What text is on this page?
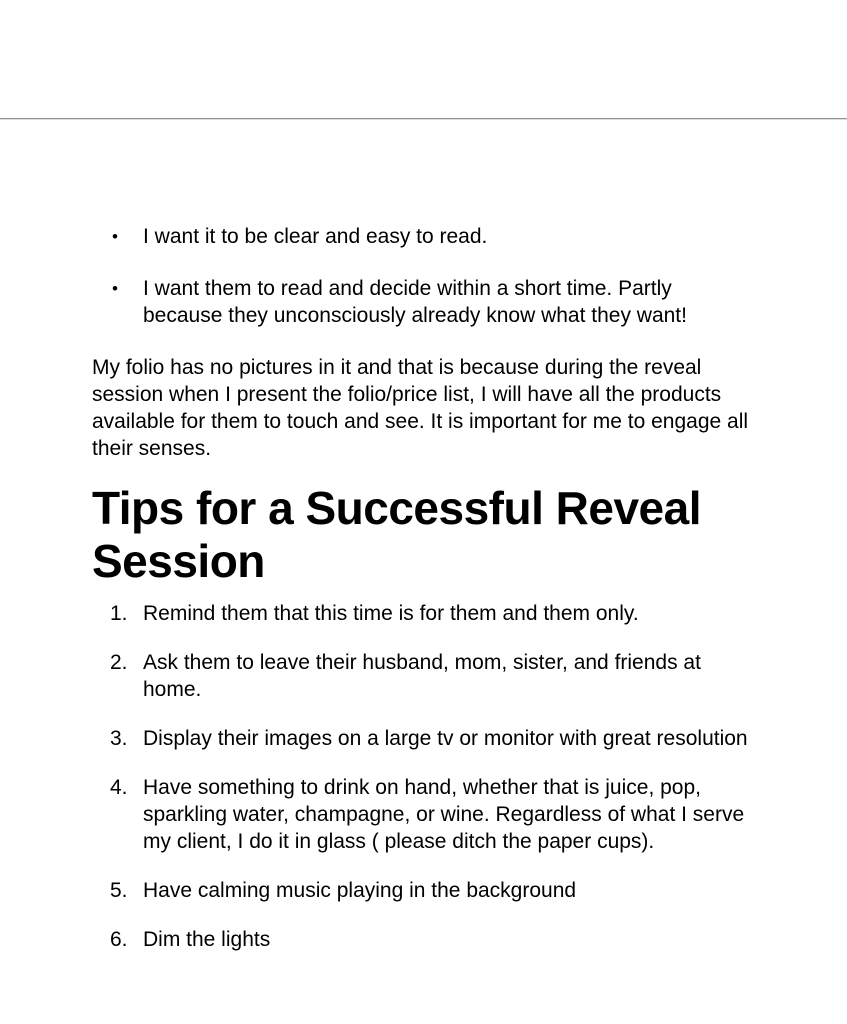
•	I want it to be clear and easy to read.
•	I want them to read and decide within a short time. Partly because they unconsciously already know what they want!

My folio has no pictures in it and that is because during the reveal session when I present the folio/price list, I will have all the products available for them to touch and see. It is important for me to engage all their senses.

Tips for a Successful Reveal Session
1. Remind them that this time is for them and them only.
2. Ask them to leave their husband, mom, sister, and friends at home.
3. Display their images on a large tv or monitor with great resolution
4. Have something to drink on hand, whether that is juice, pop, sparkling water, champagne, or wine. Regardless of what I serve my client, I do it in glass ( please ditch the paper cups).
5. Have calming music playing in the background
6. Dim the lights
